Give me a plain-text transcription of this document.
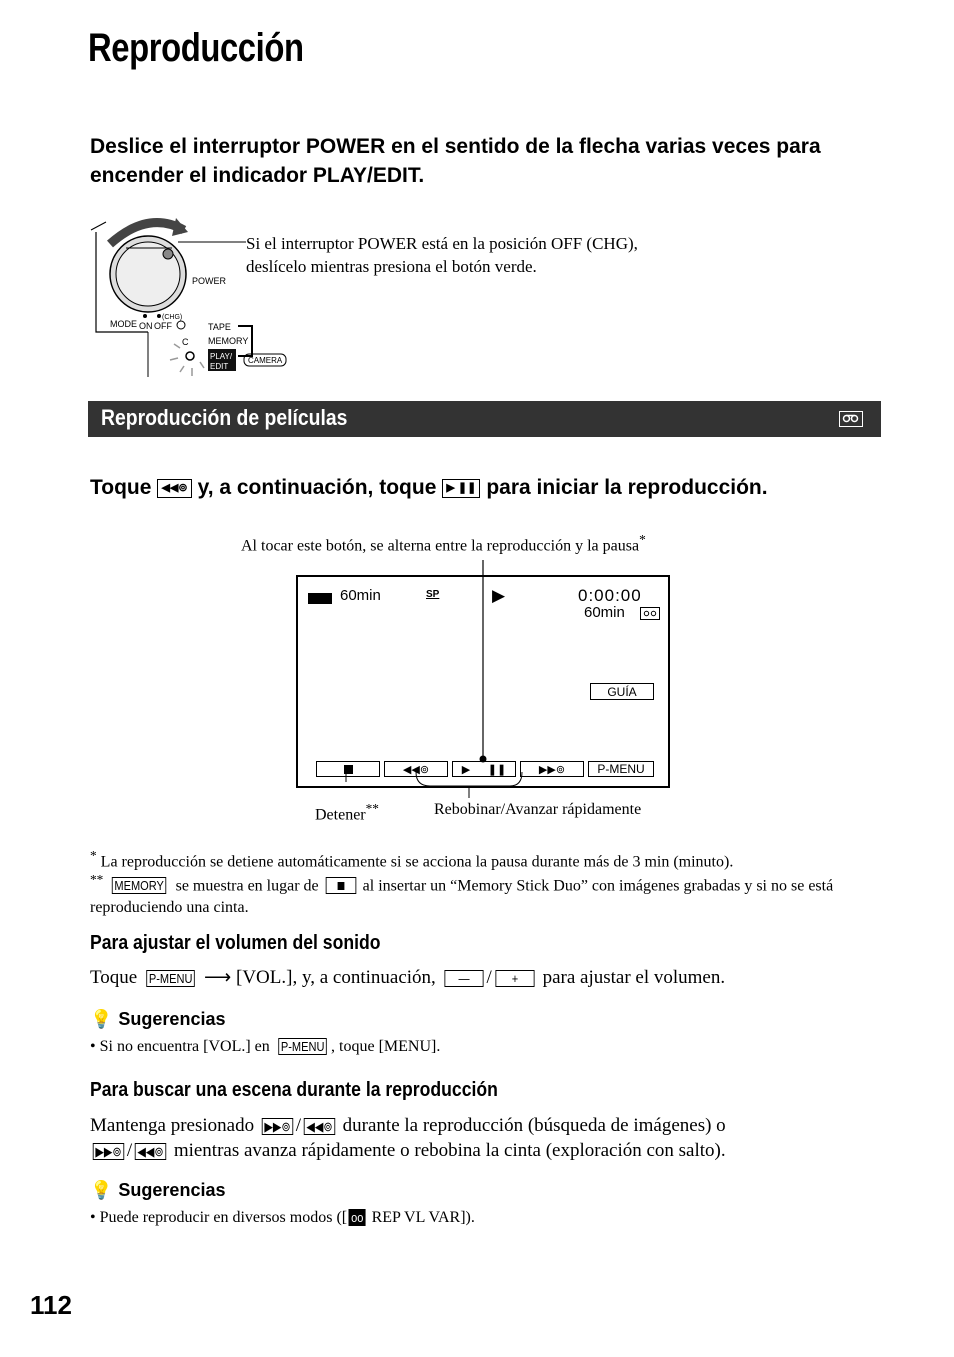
Reproducción
Deslice el interruptor POWER en el sentido de la flecha varias veces para encender el indicador PLAY/EDIT.
POWER
MODE
(CHG)
ON OFF	TAPE
MEMORY
PLAY/
EDIT
CAMERA
C
Si el interruptor POWER está en la posición OFF (CHG), deslícelo mientras presiona el botón verde.
Reproducción de películas
Toque ◀◀⊚ y, a continuación, toque ▶ ❚❚ para iniciar la reproducción.
Al tocar este botón, se alterna entre la reproducción y la pausa*
60min	SP	▶	0:00:00
60min
GUÍA
◀◀⊚	▶ ❚❚	▶▶⊚	P-MENU
Detener**	Rebobinar/Avanzar rápidamente
* La reproducción se detiene automáticamente si se acciona la pausa durante más de 3 min (minuto).
** MEMORY se muestra en lugar de	al insertar un “Memory Stick Duo” con imágenes grabadas y si no se está reproduciendo una cinta.
Para ajustar el volumen del sonido
Toque P-MENU ⟶ [VOL.], y, a continuación, — / + para ajustar el volumen.
💡 Sugerencias
• Si no encuentra [VOL.] en P-MENU , toque [MENU].
Para buscar una escena durante la reproducción
Mantenga presionado ▶▶⊚ / ◀◀⊚ durante la reproducción (búsqueda de imágenes) o
▶▶⊚ / ◀◀⊚ mientras avanza rápidamente o rebobina la cinta (exploración con salto).
💡 Sugerencias
• Puede reproducir en diversos modos ([ oo REP VL VAR]).
112
